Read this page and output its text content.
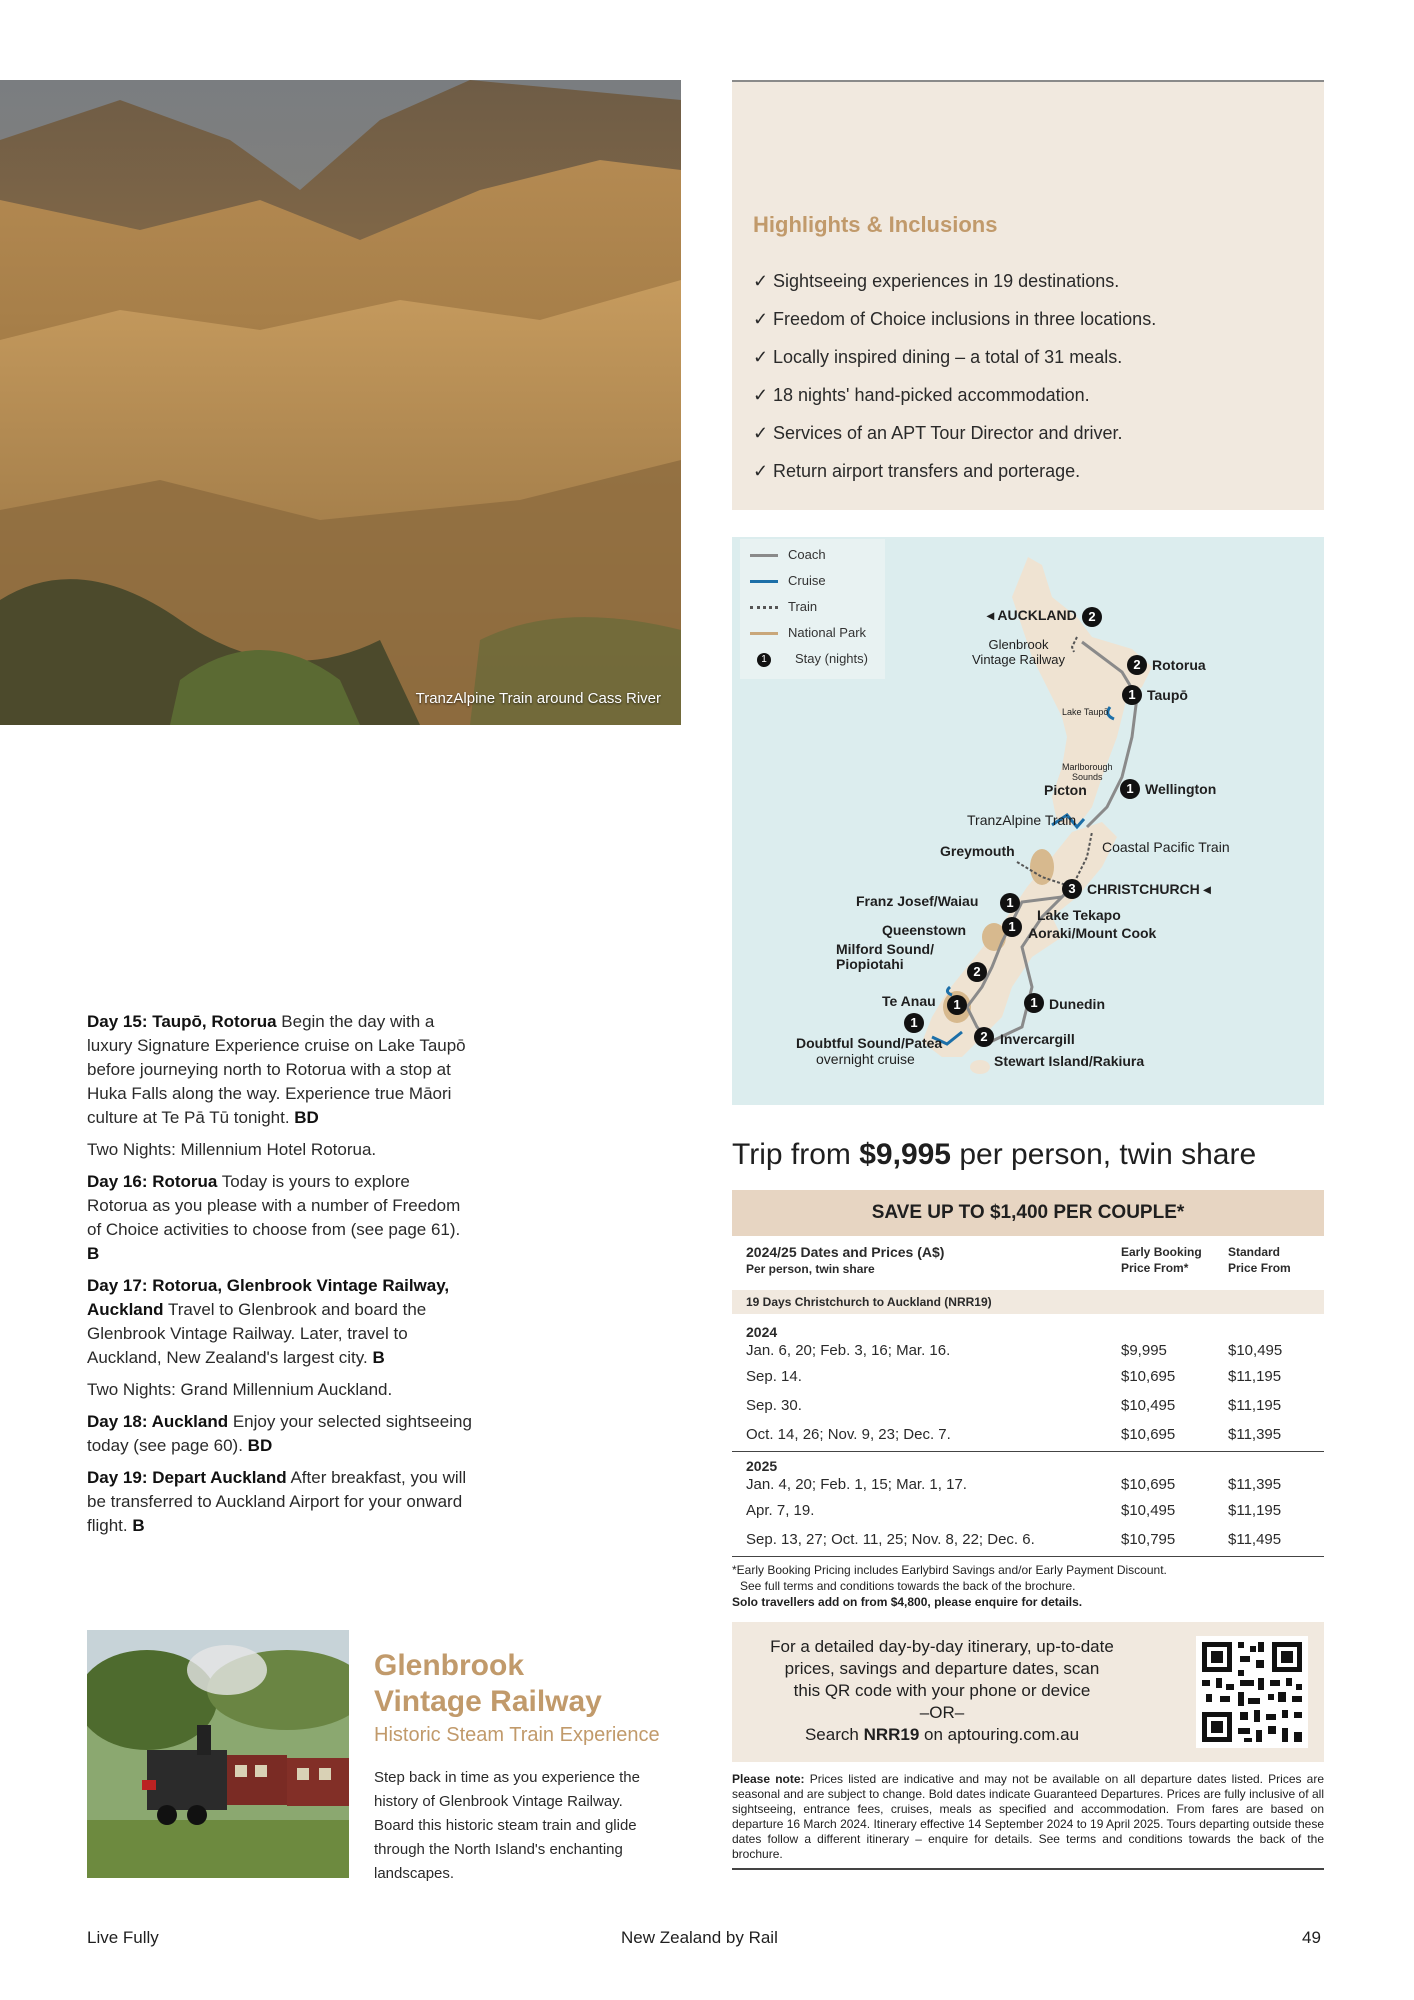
TranzAlpine Train around Cass River
Highlights & Inclusions
✓ Sightseeing experiences in 19 destinations.
✓ Freedom of Choice inclusions in three locations.
✓ Locally inspired dining – a total of 31 meals.
✓ 18 nights' hand-picked accommodation.
✓ Services of an APT Tour Director and driver.
✓ Return airport transfers and porterage.
Coach
Cruise
Train
National Park
1 Stay (nights)
◂ AUCKLAND 2
Glenbrook
Vintage Railway	2 Rotorua
1 Taupō
Lake Taupō
Marlborough
Sounds
Picton	1 Wellington
TranzAlpine Train
Greymouth	Coastal Pacific Train
3 CHRISTCHURCH ◂
Franz Josef/Waiau	1
Lake Tekapo
Queenstown	1 Aoraki/Mount Cook
Milford Sound/
Piopiotahi	2
Te Anau	1	1 Dunedin
1
2 Invercargill
Doubtful Sound/Patea
overnight cruise	Stewart Island/Rakiura
Trip from $9,995 per person, twin share
SAVE UP TO $1,400 PER COUPLE*
2024/25 Dates and Prices (A$)
Per person, twin share
Early Booking
Price From*
Standard
Price From
19 Days Christchurch to Auckland (NRR19)
2024
Jan. 6, 20; Feb. 3, 16; Mar. 16.	$9,995	$10,495
Sep. 14.	$10,695	$11,195
Sep. 30.	$10,495	$11,195
Oct. 14, 26; Nov. 9, 23; Dec. 7.	$10,695	$11,395
2025
Jan. 4, 20; Feb. 1, 15; Mar. 1, 17.	$10,695	$11,395
Apr. 7, 19.	$10,495	$11,195
Sep. 13, 27; Oct. 11, 25; Nov. 8, 22; Dec. 6.	$10,795	$11,495
*Early Booking Pricing includes Earlybird Savings and/or Early Payment Discount.
See full terms and conditions towards the back of the brochure.
Solo travellers add on from $4,800, please enquire for details.
For a detailed day-by-day itinerary, up-to-date
prices, savings and departure dates, scan
this QR code with your phone or device
–OR–
Search NRR19 on aptouring.com.au
Please note: Prices listed are indicative and may not be available on all departure dates listed. Prices are seasonal and are subject to change. Bold dates indicate Guaranteed Departures. Prices are fully inclusive of all sightseeing, entrance fees, cruises, meals as specified and accommodation. From fares are based on departure 16 March 2024. Itinerary effective 14 September 2024 to 19 April 2025. Tours departing outside these dates follow a different itinerary – enquire for details. See terms and conditions towards the back of the brochure.

Day 15: Taupō, Rotorua Begin the day with a luxury Signature Experience cruise on Lake Taupō before journeying north to Rotorua with a stop at Huka Falls along the way. Experience true Māori culture at Te Pā Tū tonight. BD

Two Nights: Millennium Hotel Rotorua.

Day 16: Rotorua Today is yours to explore Rotorua as you please with a number of Freedom of Choice activities to choose from (see page 61). B

Day 17: Rotorua, Glenbrook Vintage Railway, Auckland Travel to Glenbrook and board the Glenbrook Vintage Railway. Later, travel to Auckland, New Zealand's largest city. B

Two Nights: Grand Millennium Auckland.

Day 18: Auckland Enjoy your selected sightseeing today (see page 60). BD

Day 19: Depart Auckland After breakfast, you will be transferred to Auckland Airport for your onward flight. B

Glenbrook
Vintage Railway
Historic Steam Train Experience
Step back in time as you experience the history of Glenbrook Vintage Railway. Board this historic steam train and glide through the North Island's enchanting landscapes.
Live Fully	New Zealand by Rail	49
